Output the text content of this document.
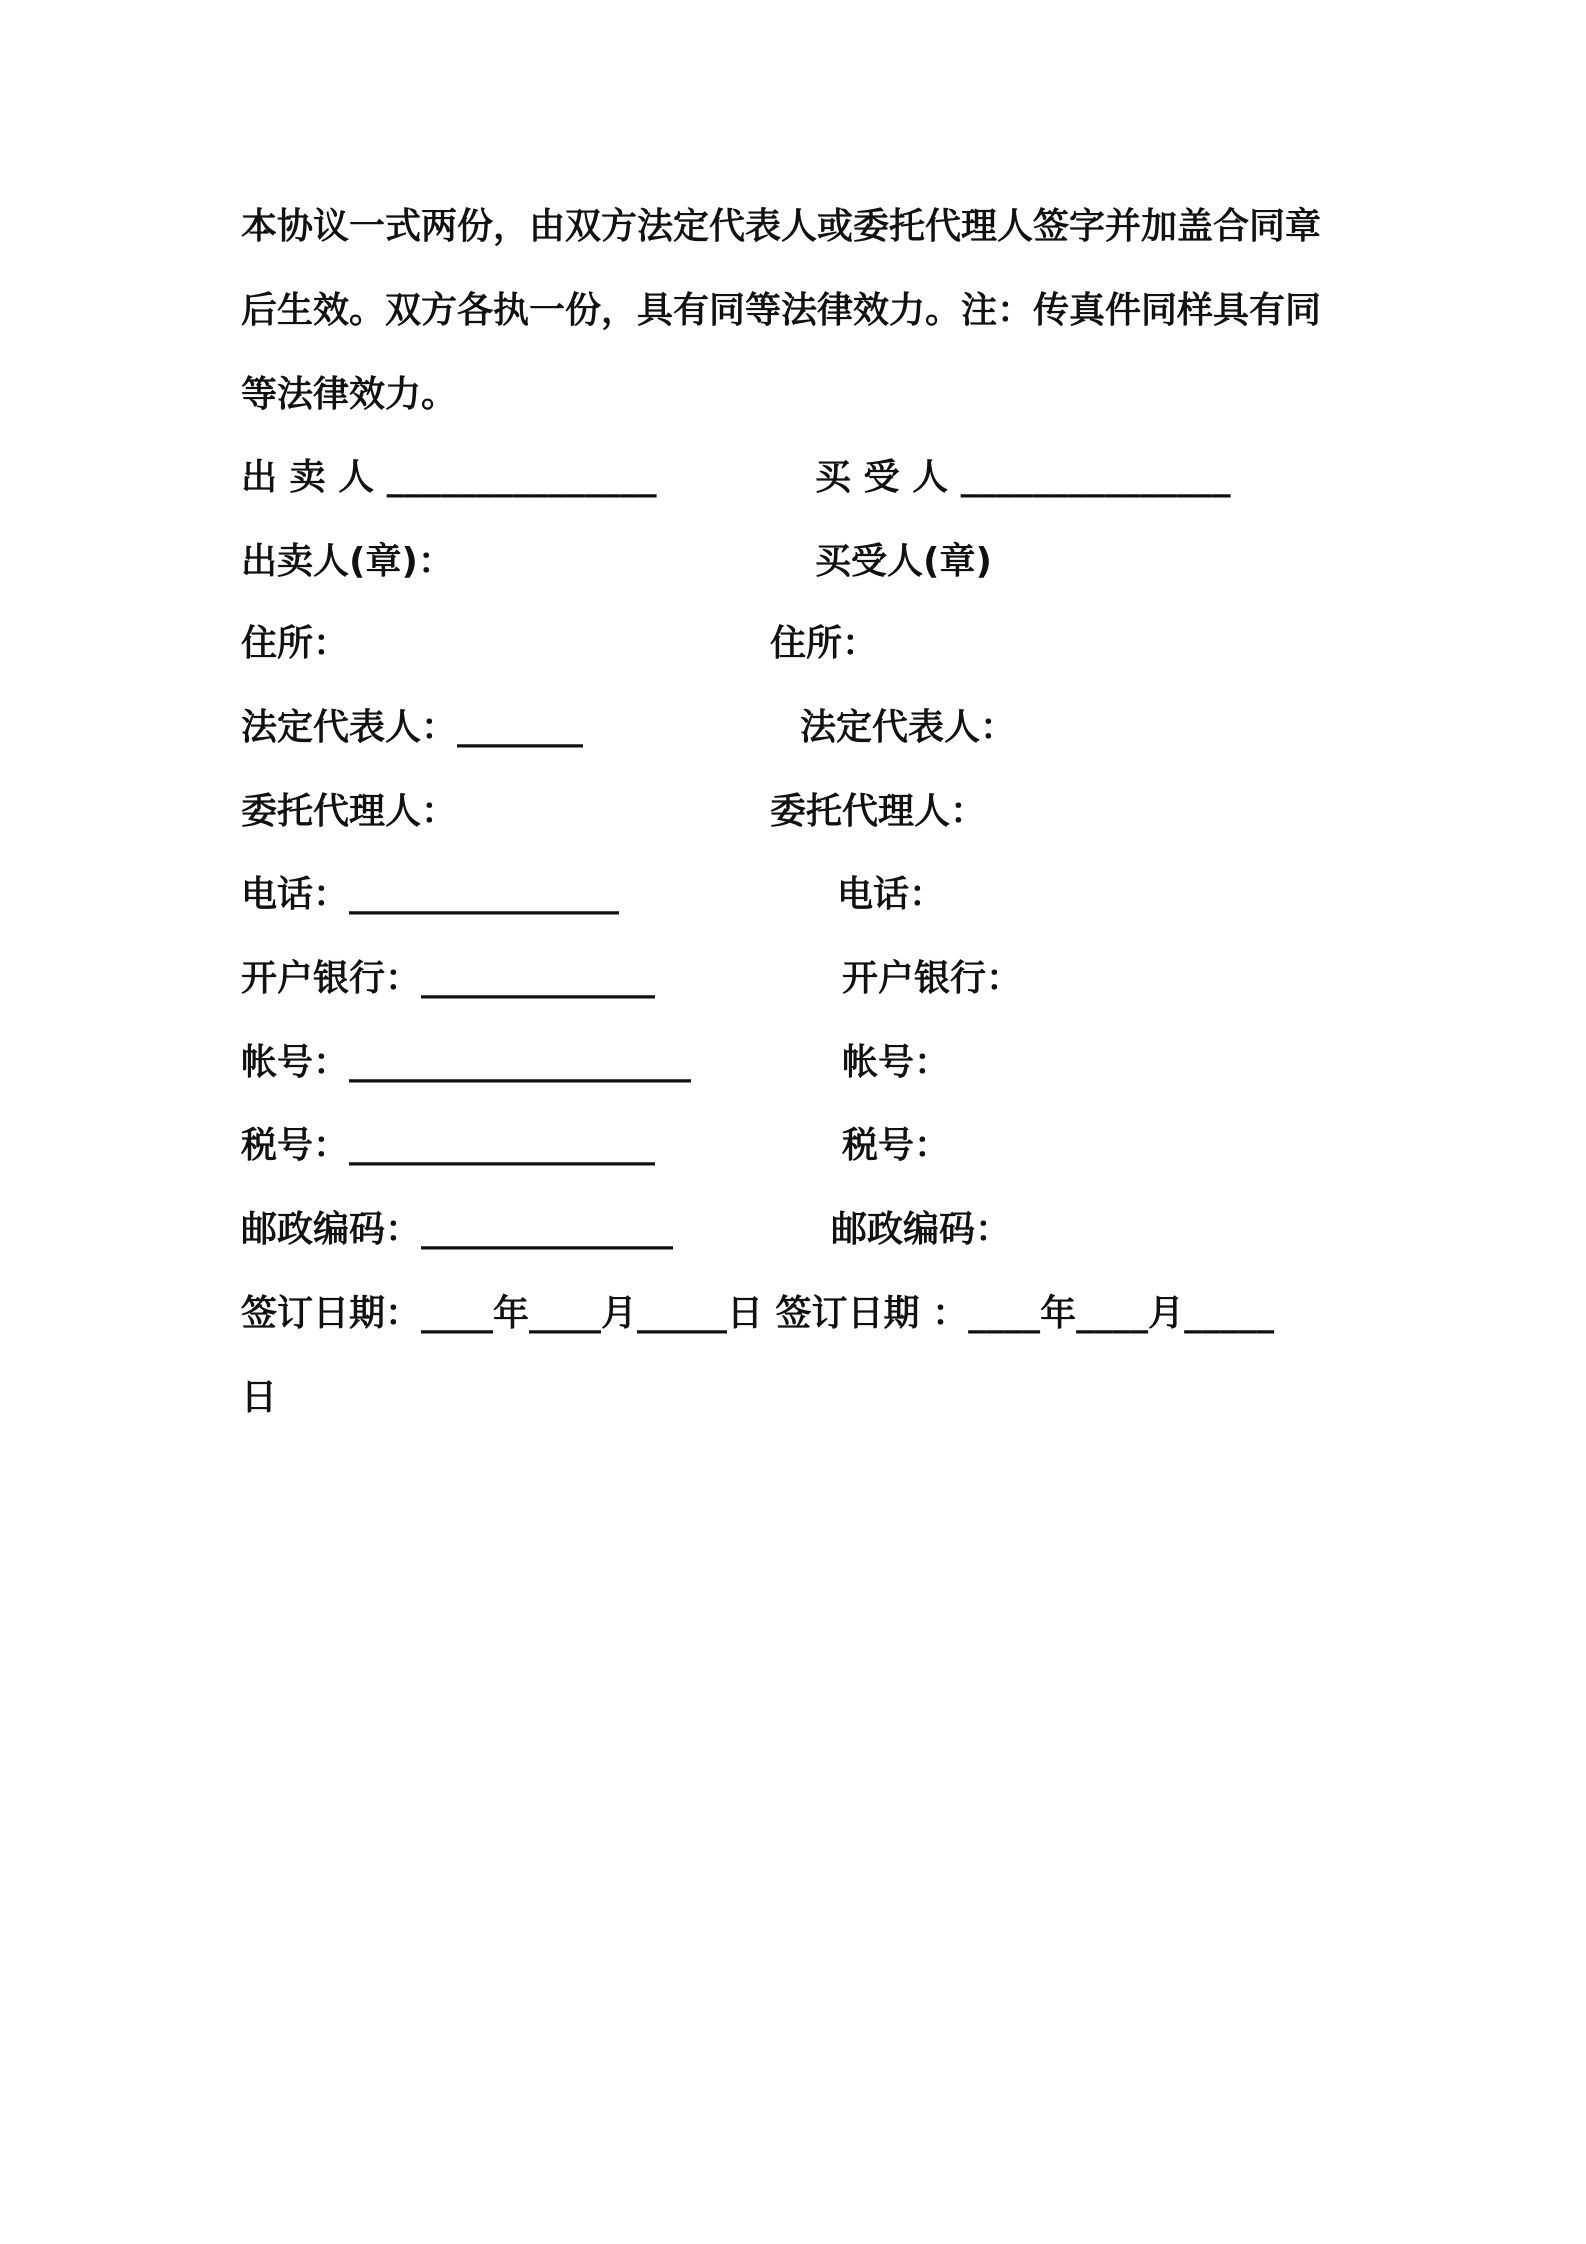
本协议一式两份，由双方法定代表人或委托代理人签字并加盖合同章
后生效。双方各执一份，具有同等法律效力。注：传真件同样具有同
等法律效力。
出 卖 人 _______________	买 受 人 _______________
出卖人(章)：	买受人(章)
住所：	住所：
法定代表人：_______	法定代表人：
委托代理人：	委托代理人：
电话：_______________	电话：
开户银行：_____________	开户银行：
帐号：___________________	帐号：
税号：_________________	税号：
邮政编码：______________	邮政编码：
签订日期：____年____月_____日 签订日期 ：____年____月_____
日
